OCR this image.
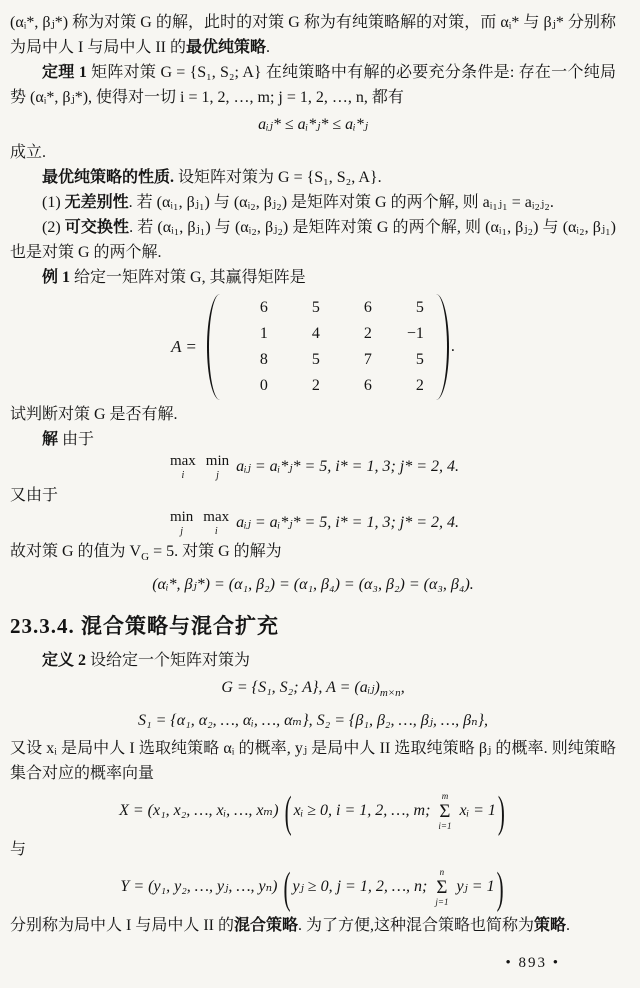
(αᵢ*, βⱼ*) 称为对策 G 的解，此时的对策 G 称为有纯策略解的对策，而 αᵢ* 与 βⱼ* 分别称为局中人 I 与局中人 II 的最优纯策略.

定理 1 矩阵对策 G = {S₁, S₂; A} 在纯策略中有解的必要充分条件是: 存在一个纯局势 (αᵢ*, βⱼ*), 使得对一切 i = 1, 2, …, m; j = 1, 2, …, n, 都有

aᵢⱼ* ≤ aᵢ*ⱼ* ≤ aᵢ*ⱼ

成立.

最优纯策略的性质. 设矩阵对策为 G = {S₁, S₂, A}.

(1) 无差别性. 若 (αᵢ₁, βⱼ₁) 与 (αᵢ₂, βⱼ₂) 是矩阵对策 G 的两个解, 则 aᵢ₁ⱼ₁ = aᵢ₂ⱼ₂.

(2) 可交换性. 若 (αᵢ₁, βⱼ₁) 与 (αᵢ₂, βⱼ₂) 是矩阵对策 G 的两个解, 则 (αᵢ₁, βⱼ₂) 与 (αᵢ₂, βⱼ₁) 也是对策 G 的两个解.

例 1 给定一矩阵对策 G, 其赢得矩阵是

A =
6	5	6	5
1	4	2	−1
8	5	7	5
0	2	6	2
.

试判断对策 G 是否有解.

解 由于

max
i

min
j
aᵢⱼ = aᵢ*ⱼ* = 5, i* = 1, 3; j* = 2, 4.

又由于

min
j

max
i
aᵢⱼ = aᵢ*ⱼ* = 5, i* = 1, 3; j* = 2, 4.

故对策 G 的值为 $V_G = 5$. 对策 G 的解为

(αᵢ*, βⱼ*) = (α₁, β₂) = (α₁, β₄) = (α₃, β₂) = (α₃, β₄).
23.3.4. 混合策略与混合扩充

定义 2 设给定一个矩阵对策为

G = {S₁, S₂; A}, $A = (aᵢⱼ)_{m\times n}$,
S₁ = {α₁, α₂, …, αᵢ, …, αₘ}, S₂ = {β₁, β₂, …, βⱼ, …, βₙ},

又设 xᵢ 是局中人 I 选取纯策略 αᵢ 的概率, yⱼ 是局中人 II 选取纯策略 βⱼ 的概率. 则纯策略集合对应的概率向量

X = (x₁, x₂, …, xᵢ, …, xₘ) ( xᵢ ≥ 0, i = 1, 2, …, m;
m
Σ
i=1
xᵢ = 1)

与

Y = (y₁, y₂, …, yⱼ, …, yₙ) ( yⱼ ≥ 0, j = 1, 2, …, n;
n
Σ
j=1
yⱼ = 1)

分别称为局中人 I 与局中人 II 的混合策略. 为了方便,这种混合策略也简称为策略.

• 893 •
